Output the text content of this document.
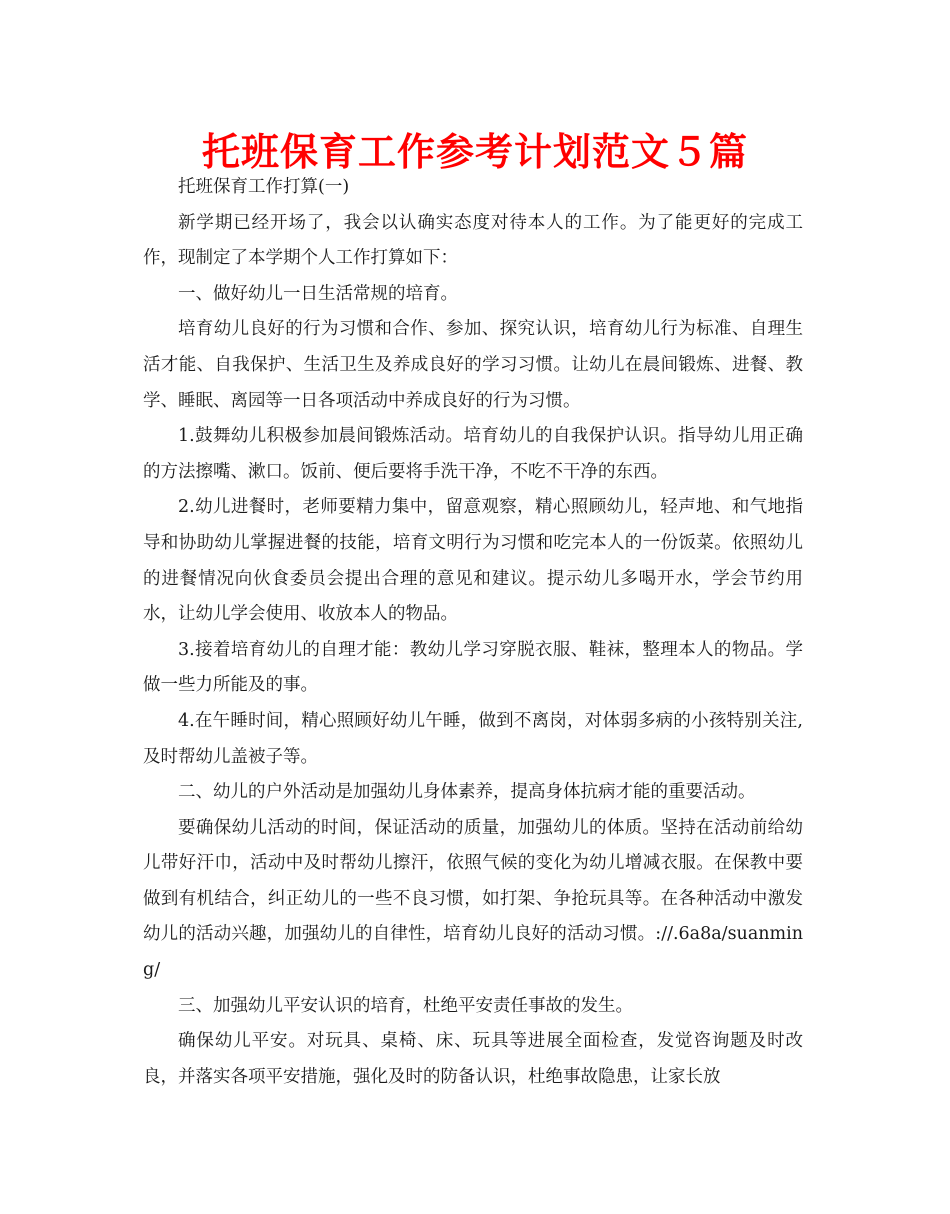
托班保育工作参考计划范文５篇

托班保育工作打算(一)

新学期已经开场了，我会以认确实态度对待本人的工作。为了能更好的完成工作，现制定了本学期个人工作打算如下：

一、做好幼儿一日生活常规的培育。

培育幼儿良好的行为习惯和合作、参加、探究认识，培育幼儿行为标准、自理生活才能、自我保护、生活卫生及养成良好的学习习惯。让幼儿在晨间锻炼、进餐、教学、睡眠、离园等一日各项活动中养成良好的行为习惯。

1.鼓舞幼儿积极参加晨间锻炼活动。培育幼儿的自我保护认识。指导幼儿用正确的方法擦嘴、漱口。饭前、便后要将手洗干净，不吃不干净的东西。

2.幼儿进餐时，老师要精力集中，留意观察，精心照顾幼儿，轻声地、和气地指导和协助幼儿掌握进餐的技能，培育文明行为习惯和吃完本人的一份饭菜。依照幼儿的进餐情况向伙食委员会提出合理的意见和建议。提示幼儿多喝开水，学会节约用水，让幼儿学会使用、收放本人的物品。

3.接着培育幼儿的自理才能：教幼儿学习穿脱衣服、鞋袜，整理本人的物品。学做一些力所能及的事。

4.在午睡时间，精心照顾好幼儿午睡，做到不离岗，对体弱多病的小孩特别关注,及时帮幼儿盖被子等。

二、幼儿的户外活动是加强幼儿身体素养，提高身体抗病才能的重要活动。

要确保幼儿活动的时间，保证活动的质量，加强幼儿的体质。坚持在活动前给幼儿带好汗巾，活动中及时帮幼儿擦汗，依照气候的变化为幼儿增减衣服。在保教中要做到有机结合，纠正幼儿的一些不良习惯，如打架、争抢玩具等。在各种活动中激发幼儿的活动兴趣，加强幼儿的自律性，培育幼儿良好的活动习惯。://.6a8a/suanming/

三、加强幼儿平安认识的培育，杜绝平安责任事故的发生。

确保幼儿平安。对玩具、桌椅、床、玩具等进展全面检查，发觉咨询题及时改良，并落实各项平安措施，强化及时的防备认识，杜绝事故隐患，让家长放
